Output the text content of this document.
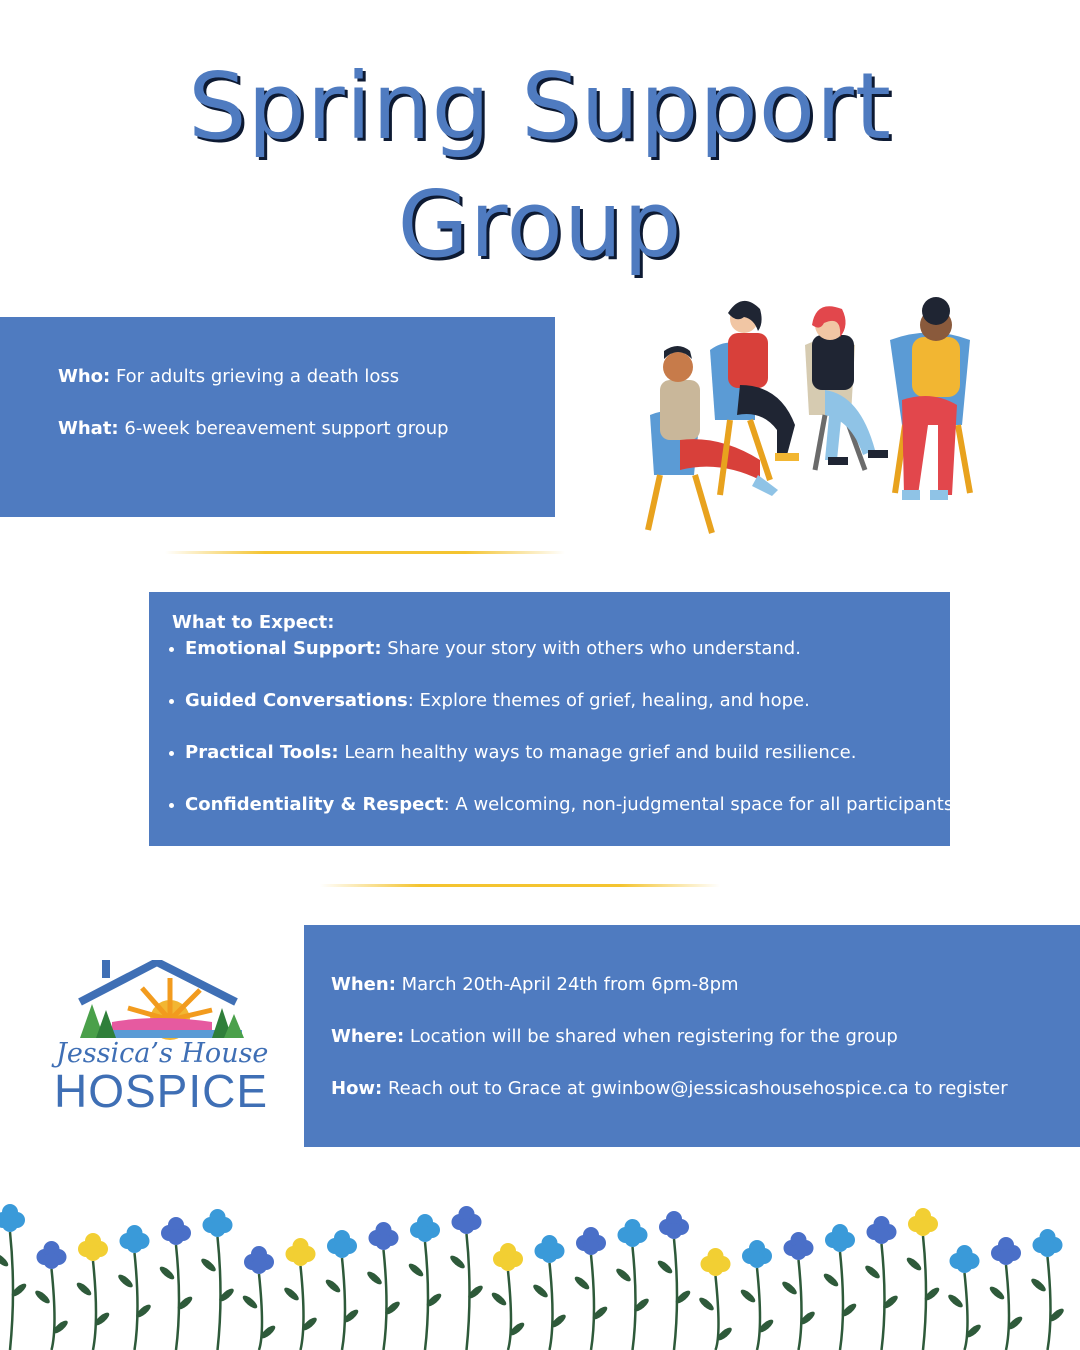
Spring Support
Group
Who: For adults grieving a death loss
What: 6-week bereavement support group
What to Expect:
Emotional Support: Share your story with others who understand.
Guided Conversations: Explore themes of grief, healing, and hope.
Practical Tools: Learn healthy ways to manage grief and build resilience.
Confidentiality & Respect: A welcoming, non-judgmental space for all participants.
Jessica’s House
HOSPICE
When: March 20th-April 24th from 6pm-8pm
Where: Location will be shared when registering for the group
How: Reach out to Grace at gwinbow@jessicashousehospice.ca to register
